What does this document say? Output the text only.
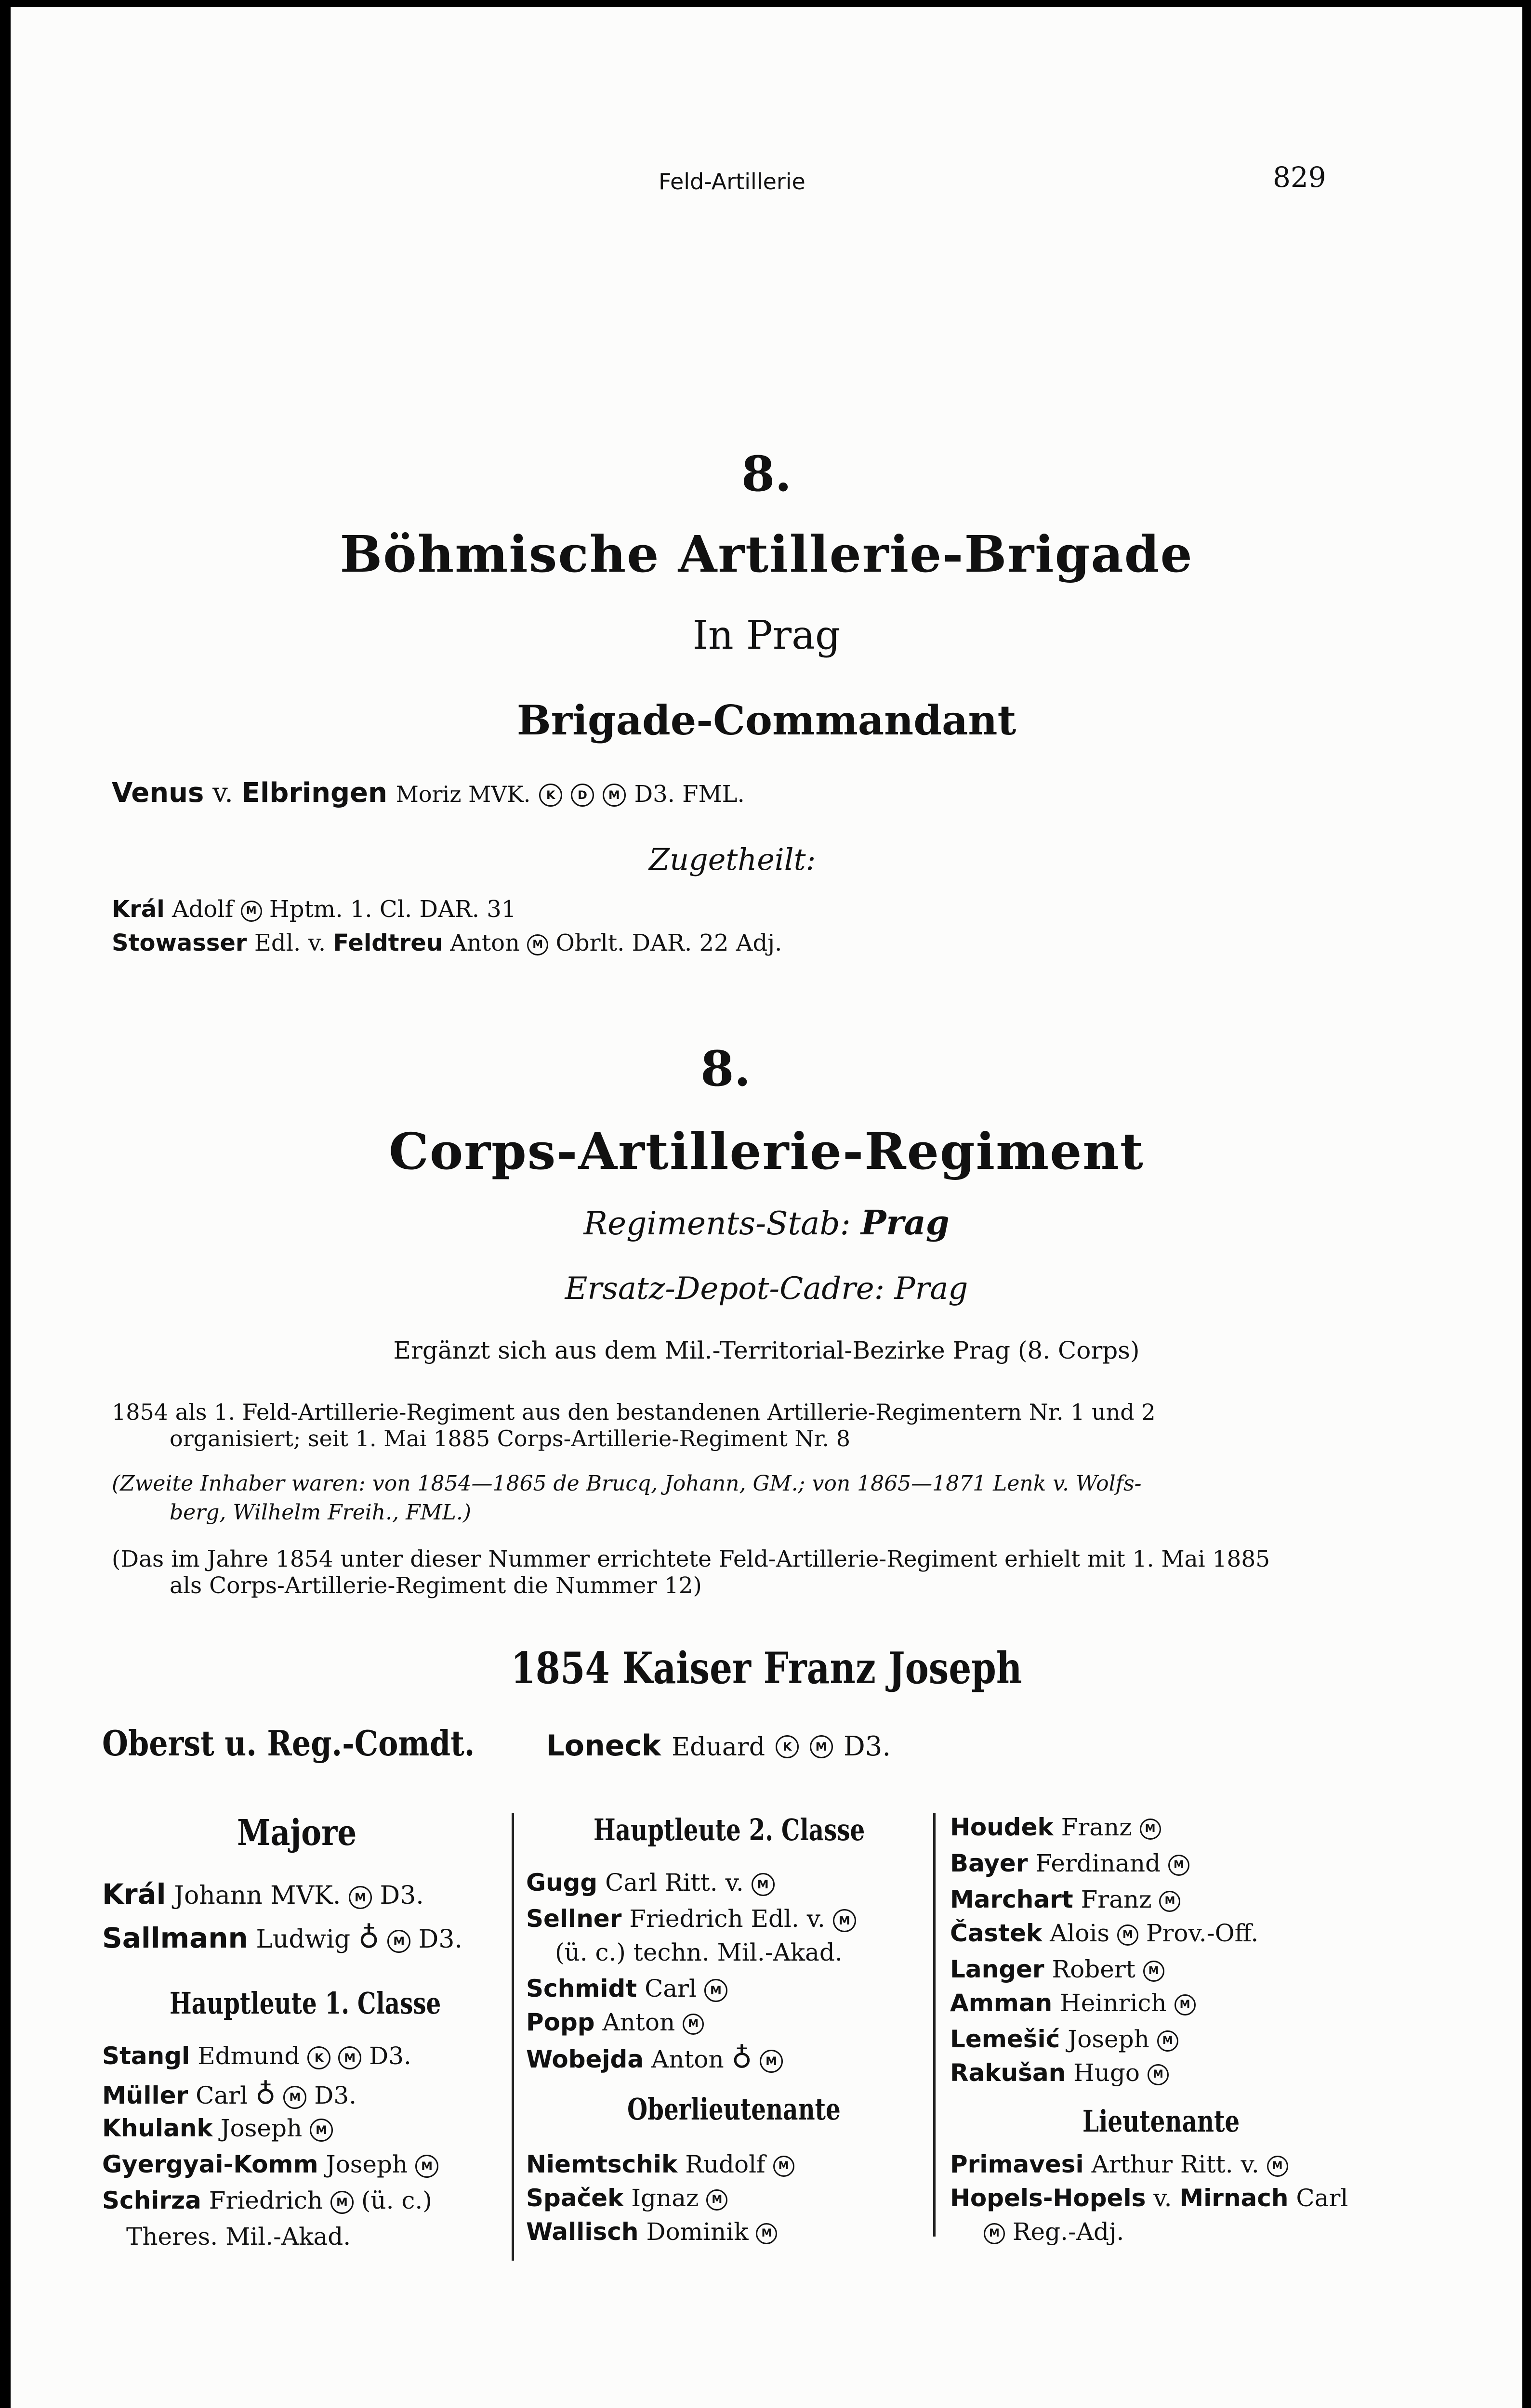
Feld-Artillerie	829
8.
Böhmische Artillerie-Brigade
In Prag
Brigade-Commandant
Venus v. Elbringen Moriz MVK. K D M D3. FML.
Zugetheilt:
Král Adolf M Hptm. 1. Cl. DAR. 31
Stowasser Edl. v. Feldtreu Anton M Obrlt. DAR. 22 Adj.
8.
Corps-Artillerie-Regiment
Regiments-Stab: Prag
Ersatz-Depot-Cadre: Prag
Ergänzt sich aus dem Mil.-Territorial-Bezirke Prag (8. Corps)
1854 als 1. Feld-Artillerie-Regiment aus den bestandenen Artillerie-Regimentern Nr. 1 und 2
organisiert; seit 1. Mai 1885 Corps-Artillerie-Regiment Nr. 8
(Zweite Inhaber waren: von 1854—1865 de Brucq, Johann, GM.; von 1865—1871 Lenk v. Wolfs-
berg, Wilhelm Freih., FML.)
(Das im Jahre 1854 unter dieser Nummer errichtete Feld-Artillerie-Regiment erhielt mit 1. Mai 1885
als Corps-Artillerie-Regiment die Nummer 12)
1854 Kaiser Franz Joseph
Oberst u. Reg.-Comdt. Loneck Eduard K M D3.
Majore
Král Johann MVK. M D3.
Sallmann Ludwig ♁ M D3.
Hauptleute 1. Classe
Stangl Edmund K M D3.
Müller Carl ♁ M D3.
Khulank Joseph M
Gyergyai-Komm Joseph M
Schirza Friedrich M (ü. c.)
Theres. Mil.-Akad.
Hauptleute 2. Classe
Gugg Carl Ritt. v. M
Sellner Friedrich Edl. v. M
(ü. c.) techn. Mil.-Akad.
Schmidt Carl M
Popp Anton M
Wobejda Anton ♁ M
Oberlieutenante
Niemtschik Rudolf M
Spaček Ignaz M
Wallisch Dominik M
Houdek Franz M
Bayer Ferdinand M
Marchart Franz M
Častek Alois M Prov.-Off.
Langer Robert M
Amman Heinrich M
Lemešić Joseph M
Rakušan Hugo M
Lieutenante
Primavesi Arthur Ritt. v. M
Hopels-Hopels v. Mirnach Carl
M Reg.-Adj.
